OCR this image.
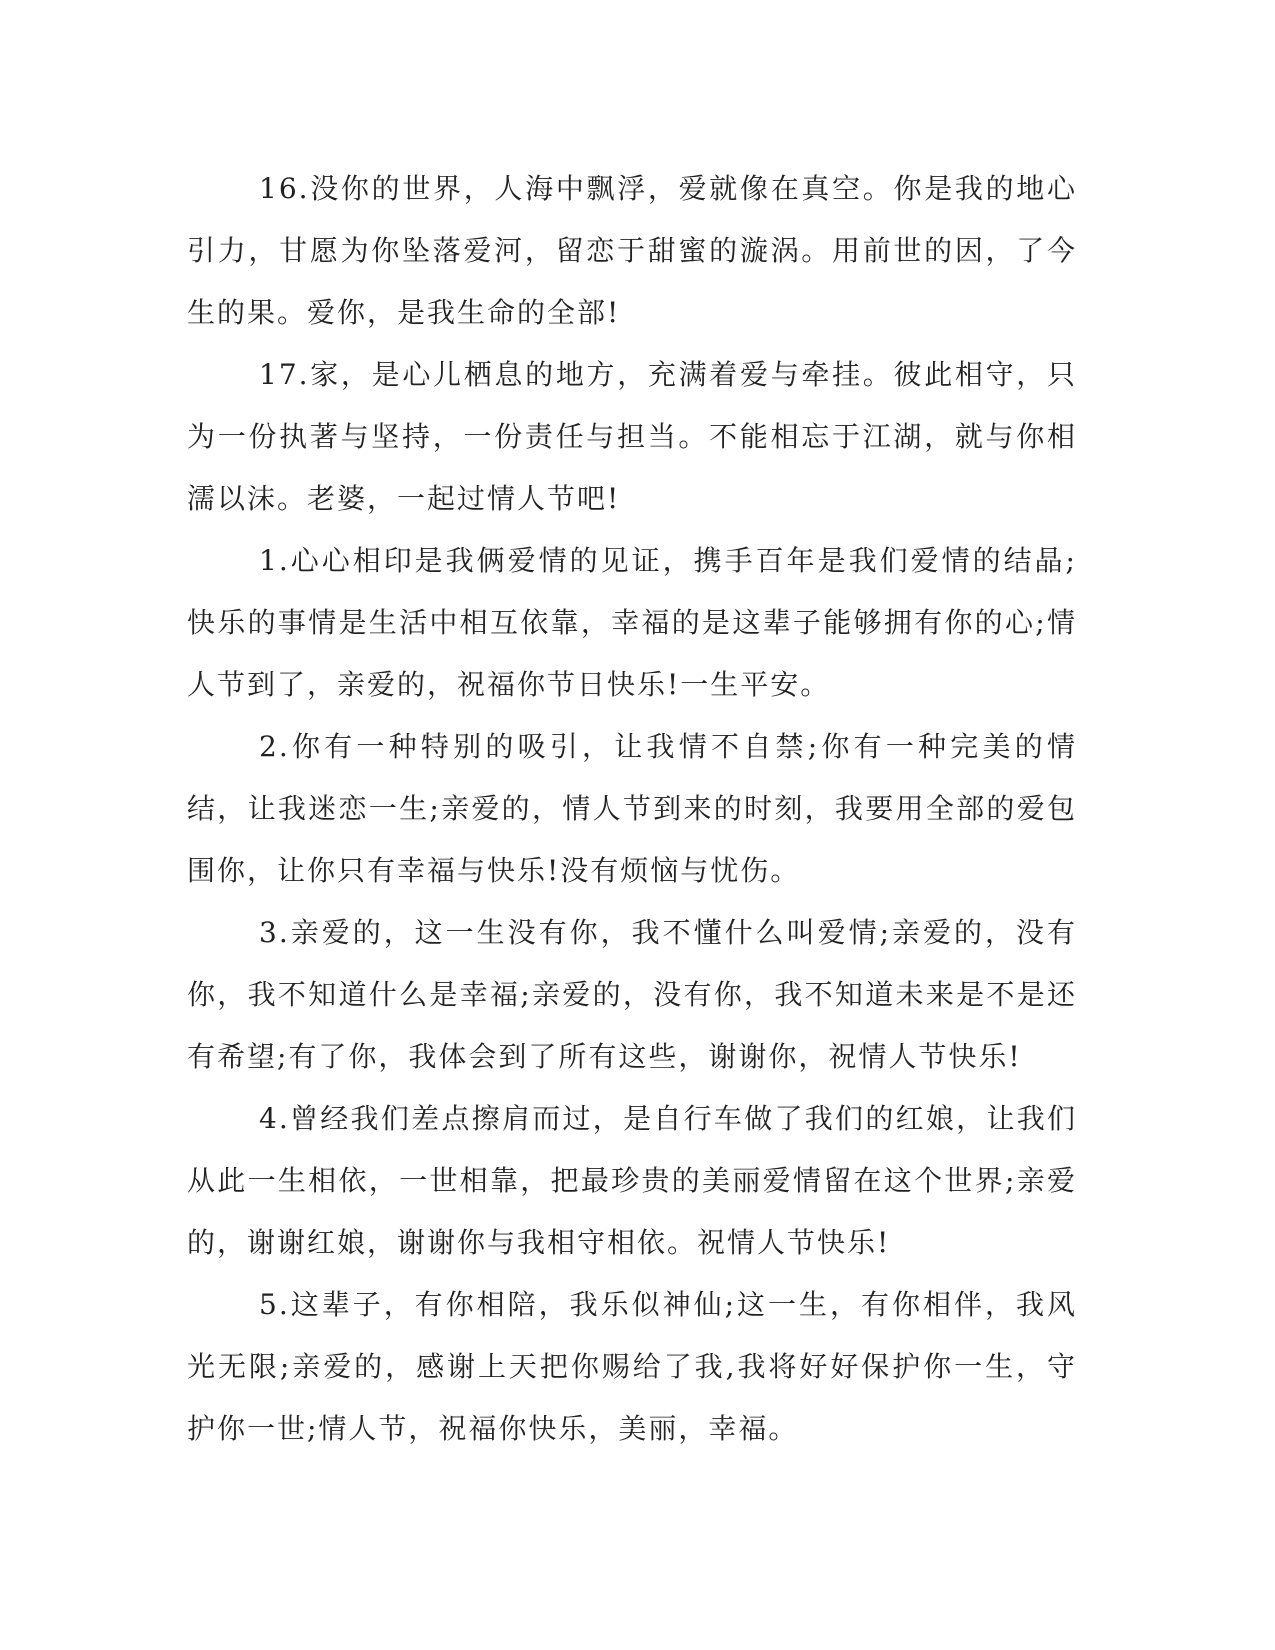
16.没你的世界，人海中飘浮，爱就像在真空。你是我的地心引力，甘愿为你坠落爱河，留恋于甜蜜的漩涡。用前世的因，了今生的果。爱你，是我生命的全部!

17.家，是心儿栖息的地方，充满着爱与牵挂。彼此相守，只为一份执著与坚持，一份责任与担当。不能相忘于江湖，就与你相濡以沫。老婆，一起过情人节吧!

1.心心相印是我俩爱情的见证，携手百年是我们爱情的结晶;快乐的事情是生活中相互依靠，幸福的是这辈子能够拥有你的心;情人节到了，亲爱的，祝福你节日快乐!一生平安。

2.你有一种特别的吸引，让我情不自禁;你有一种完美的情结，让我迷恋一生;亲爱的，情人节到来的时刻，我要用全部的爱包围你，让你只有幸福与快乐!没有烦恼与忧伤。

3.亲爱的，这一生没有你，我不懂什么叫爱情;亲爱的，没有你，我不知道什么是幸福;亲爱的，没有你，我不知道未来是不是还有希望;有了你，我体会到了所有这些，谢谢你，祝情人节快乐!

4.曾经我们差点擦肩而过，是自行车做了我们的红娘，让我们从此一生相依，一世相靠，把最珍贵的美丽爱情留在这个世界;亲爱的，谢谢红娘，谢谢你与我相守相依。祝情人节快乐!

5.这辈子，有你相陪，我乐似神仙;这一生，有你相伴，我风光无限;亲爱的，感谢上天把你赐给了我,我将好好保护你一生，守护你一世;情人节，祝福你快乐，美丽，幸福。
